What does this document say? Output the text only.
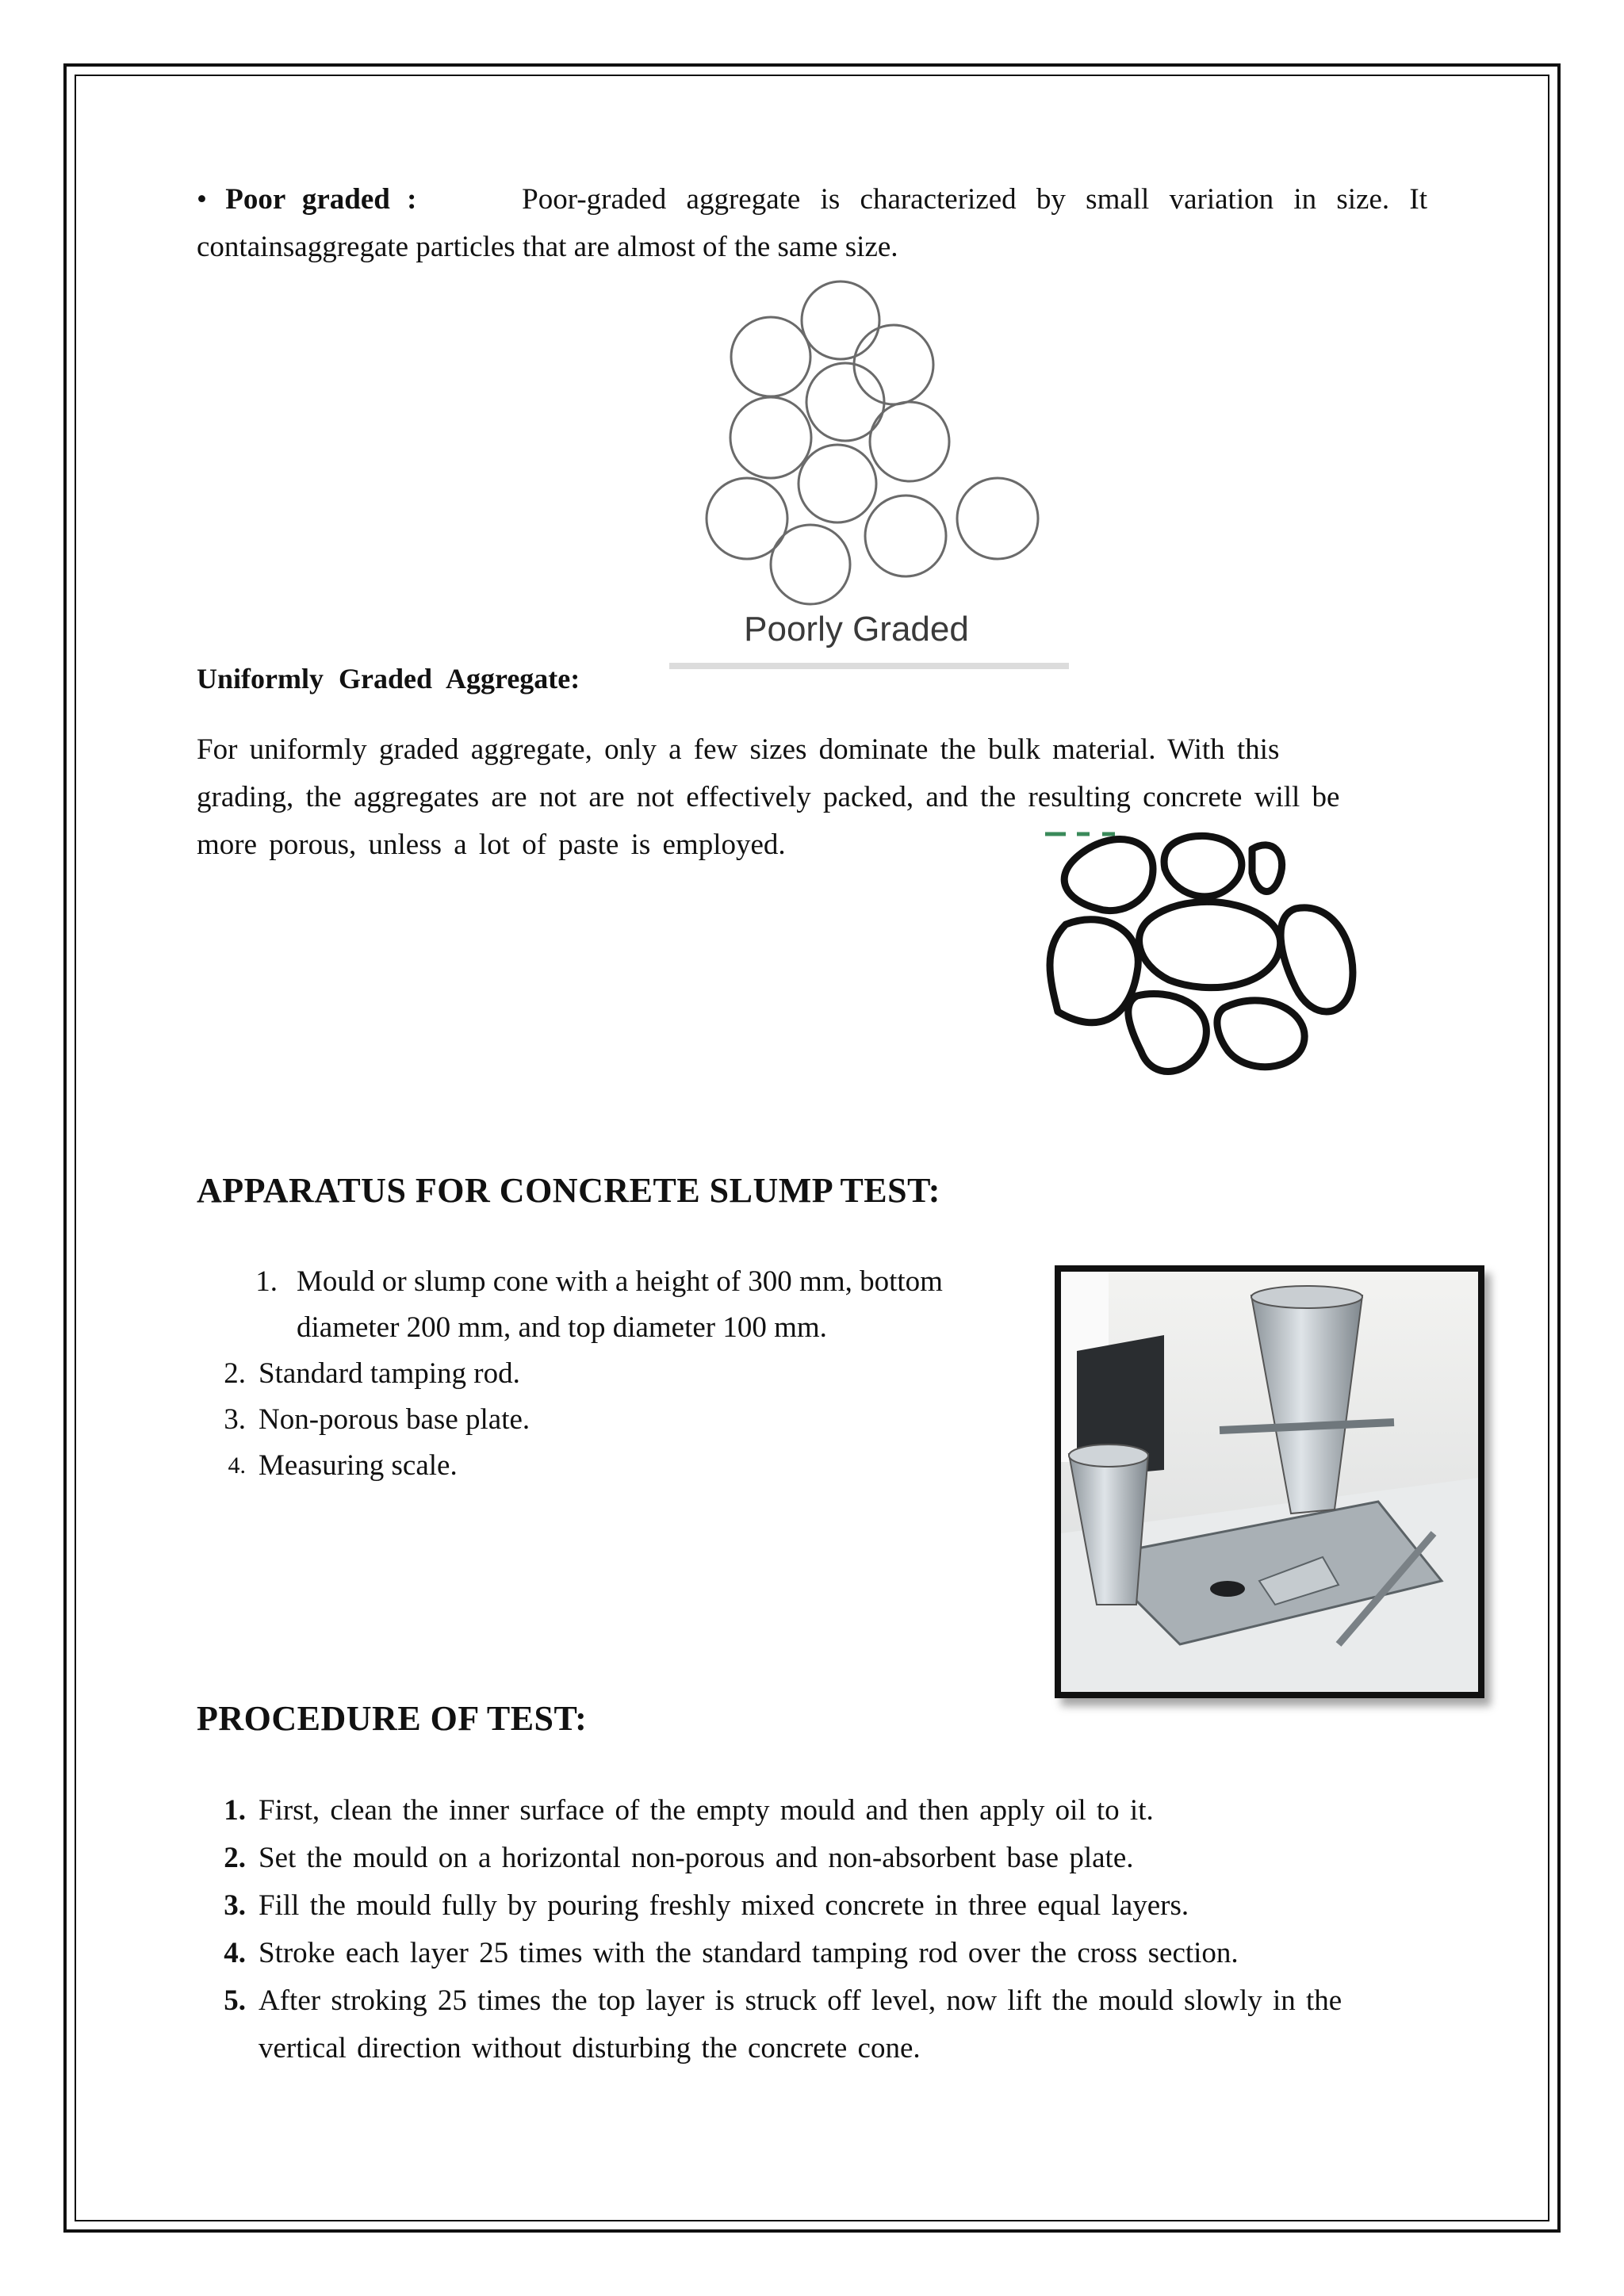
• Poor graded :	Poor-graded aggregate is characterized by small variation in size. It
containsaggregate particles that are almost of the same size.
Poorly Graded
Uniformly Graded Aggregate:
For uniformly graded aggregate, only a few sizes dominate the bulk material. With this
grading, the aggregates are not are not effectively packed, and the resulting concrete will be
more porous, unless a lot of paste is employed.
APPARATUS FOR CONCRETE SLUMP TEST:
1. Mould or slump cone with a height of 300 mm, bottom
diameter 200 mm, and top diameter 100 mm.
2. Standard tamping rod.
3. Non-porous base plate.
4. Measuring scale.
PROCEDURE OF TEST:
1. First, clean the inner surface of the empty mould and then apply oil to it.
2. Set the mould on a horizontal non-porous and non-absorbent base plate.
3. Fill the mould fully by pouring freshly mixed concrete in three equal layers.
4. Stroke each layer 25 times with the standard tamping rod over the cross section.
5. After stroking 25 times the top layer is struck off level, now lift the mould slowly in the
vertical direction without disturbing the concrete cone.
